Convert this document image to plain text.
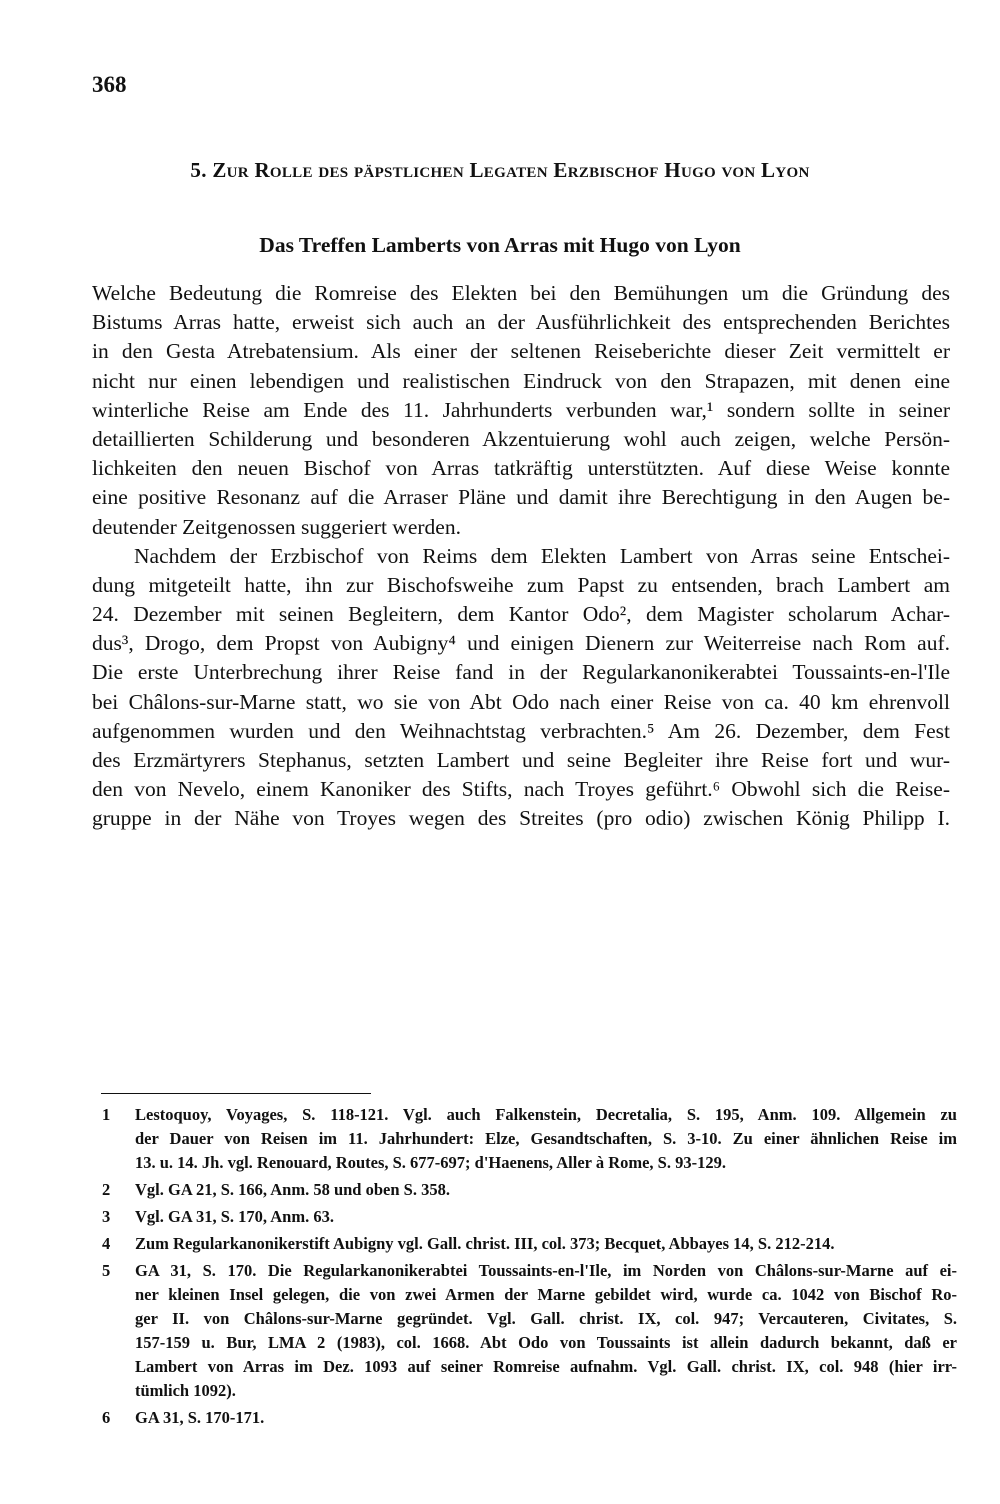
368
5. Zur Rolle des päpstlichen Legaten Erzbischof Hugo von Lyon
Das Treffen Lamberts von Arras mit Hugo von Lyon
Welche Bedeutung die Romreise des Elekten bei den Bemühungen um die Gründung des
Bistums Arras hatte, erweist sich auch an der Ausführlichkeit des entsprechenden Berichtes
in den Gesta Atrebatensium. Als einer der seltenen Reiseberichte dieser Zeit vermittelt er
nicht nur einen lebendigen und realistischen Eindruck von den Strapazen, mit denen eine
winterliche Reise am Ende des 11. Jahrhunderts verbunden war,¹ sondern sollte in seiner
detaillierten Schilderung und besonderen Akzentuierung wohl auch zeigen, welche Persön-
lichkeiten den neuen Bischof von Arras tatkräftig unterstützten. Auf diese Weise konnte
eine positive Resonanz auf die Arraser Pläne und damit ihre Berechtigung in den Augen be-
deutender Zeitgenossen suggeriert werden.
Nachdem der Erzbischof von Reims dem Elekten Lambert von Arras seine Entschei-
dung mitgeteilt hatte, ihn zur Bischofsweihe zum Papst zu entsenden, brach Lambert am
24. Dezember mit seinen Begleitern, dem Kantor Odo², dem Magister scholarum Achar-
dus³, Drogo, dem Propst von Aubigny⁴ und einigen Dienern zur Weiterreise nach Rom auf.
Die erste Unterbrechung ihrer Reise fand in der Regularkanonikerabtei Toussaints-en-l'Ile
bei Châlons-sur-Marne statt, wo sie von Abt Odo nach einer Reise von ca. 40 km ehrenvoll
aufgenommen wurden und den Weihnachtstag verbrachten.⁵ Am 26. Dezember, dem Fest
des Erzmärtyrers Stephanus, setzten Lambert und seine Begleiter ihre Reise fort und wur-
den von Nevelo, einem Kanoniker des Stifts, nach Troyes geführt.⁶ Obwohl sich die Reise-
gruppe in der Nähe von Troyes wegen des Streites (pro odio) zwischen König Philipp I.
1 Lestoquoy, Voyages, S. 118-121. Vgl. auch Falkenstein, Decretalia, S. 195, Anm. 109. Allgemein zu
der Dauer von Reisen im 11. Jahrhundert: Elze, Gesandtschaften, S. 3-10. Zu einer ähnlichen Reise im
13. u. 14. Jh. vgl. Renouard, Routes, S. 677-697; d'Haenens, Aller à Rome, S. 93-129.
2 Vgl. GA 21, S. 166, Anm. 58 und oben S. 358.
3 Vgl. GA 31, S. 170, Anm. 63.
4 Zum Regularkanonikerstift Aubigny vgl. Gall. christ. III, col. 373; Becquet, Abbayes 14, S. 212-214.
5 GA 31, S. 170. Die Regularkanonikerabtei Toussaints-en-l'Ile, im Norden von Châlons-sur-Marne auf ei-
ner kleinen Insel gelegen, die von zwei Armen der Marne gebildet wird, wurde ca. 1042 von Bischof Ro-
ger II. von Châlons-sur-Marne gegründet. Vgl. Gall. christ. IX, col. 947; Vercauteren, Civitates, S.
157-159 u. Bur, LMA 2 (1983), col. 1668. Abt Odo von Toussaints ist allein dadurch bekannt, daß er
Lambert von Arras im Dez. 1093 auf seiner Romreise aufnahm. Vgl. Gall. christ. IX, col. 948 (hier irr-
tümlich 1092).
6 GA 31, S. 170-171.
